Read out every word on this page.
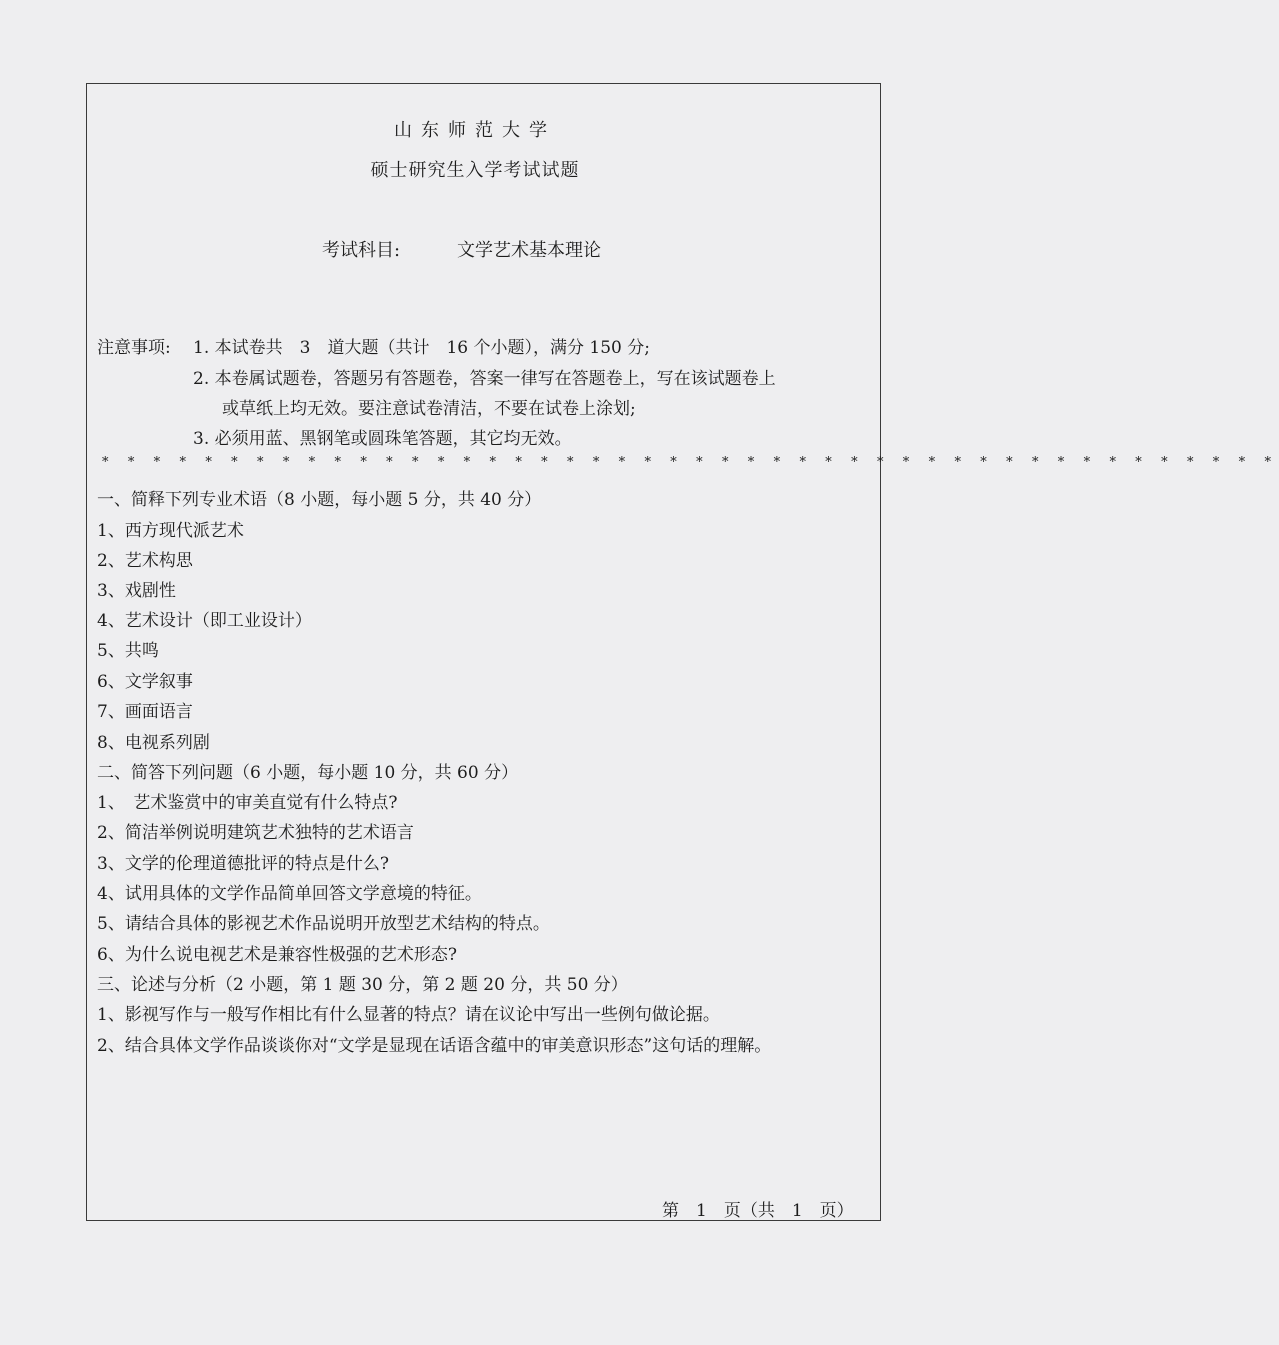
山东师范大学
硕士研究生入学考试试题
考试科目:	文学艺术基本理论
注意事项: 1. 本试卷共　3　道大题（共计　16 个小题），满分 150 分;
2. 本卷属试题卷，答题另有答题卷，答案一律写在答题卷上，写在该试题卷上
或草纸上均无效。要注意试卷清洁，不要在试卷上涂划;
3. 必须用蓝、黑钢笔或圆珠笔答题，其它均无效。
* * * * * * * * * * * * * * * * * * * * * * * * * * * * * * * * * * * * * * * * * * * * * *
一、简释下列专业术语（8 小题，每小题 5 分，共 40 分）
1、西方现代派艺术
2、艺术构思
3、戏剧性
4、艺术设计（即工业设计）
5、共鸣
6、文学叙事
7、画面语言
8、电视系列剧
二、简答下列问题（6 小题，每小题 10 分，共 60 分）
1、　艺术鉴赏中的审美直觉有什么特点?
2、简洁举例说明建筑艺术独特的艺术语言
3、文学的伦理道德批评的特点是什么?
4、试用具体的文学作品简单回答文学意境的特征。
5、请结合具体的影视艺术作品说明开放型艺术结构的特点。
6、为什么说电视艺术是兼容性极强的艺术形态?
三、论述与分析（2 小题，第 1 题 30 分，第 2 题 20 分，共 50 分）
1、影视写作与一般写作相比有什么显著的特点？请在议论中写出一些例句做论据。
2、结合具体文学作品谈谈你对“文学是显现在话语含蕴中的审美意识形态”这句话的理解。
第　1　页（共　1　页）
